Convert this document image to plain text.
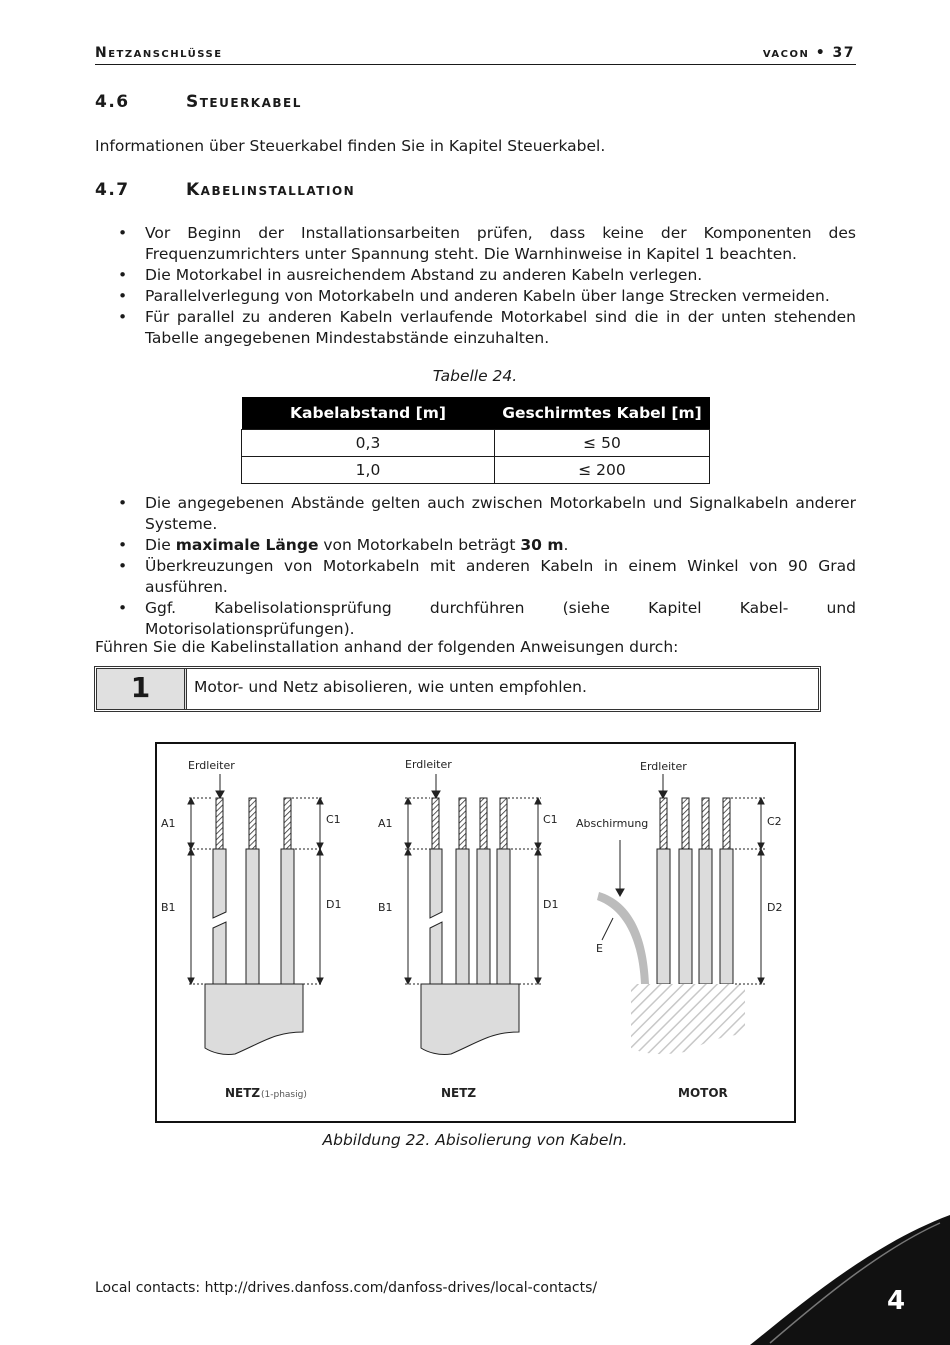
Netzanschlüsse	vacon • 37
4.6	Steuerkabel
Informationen über Steuerkabel finden Sie in Kapitel Steuerkabel.
4.7	Kabelinstallation
• Vor Beginn der Installationsarbeiten prüfen, dass keine der Komponenten des Frequenzumrichters unter Spannung steht. Die Warnhinweise in Kapitel 1 beachten.
• Die Motorkabel in ausreichendem Abstand zu anderen Kabeln verlegen.
• Parallelverlegung von Motorkabeln und anderen Kabeln über lange Strecken vermeiden.
• Für parallel zu anderen Kabeln verlaufende Motorkabel sind die in der unten stehenden Tabelle angegebenen Mindestabstände einzuhalten.
Tabelle 24.
Kabelabstand [m]	Geschirmtes Kabel [m]
0,3	≤ 50
1,0	≤ 200
• Die angegebenen Abstände gelten auch zwischen Motorkabeln und Signalkabeln anderer Systeme.
• Die maximale Länge von Motorkabeln beträgt 30 m.
• Überkreuzungen von Motorkabeln mit anderen Kabeln in einem Winkel von 90 Grad ausführen.
• Ggf. Kabelisolationsprüfung durchführen (siehe Kapitel Kabel- und Motorisolationsprüfungen).
Führen Sie die Kabelinstallation anhand der folgenden Anweisungen durch:
1	Motor- und Netz abisolieren, wie unten empfohlen.
Erdleiter	Erdleiter	Erdleiter
Abschirmung
A1
B1
C1
D1
A1
B1
C1
D1
C2
D2
E
NETZ (1-phasig)	NETZ	MOTOR
Abbildung 22. Abisolierung von Kabeln.
Local contacts: http://drives.danfoss.com/danfoss-drives/local-contacts/	4
